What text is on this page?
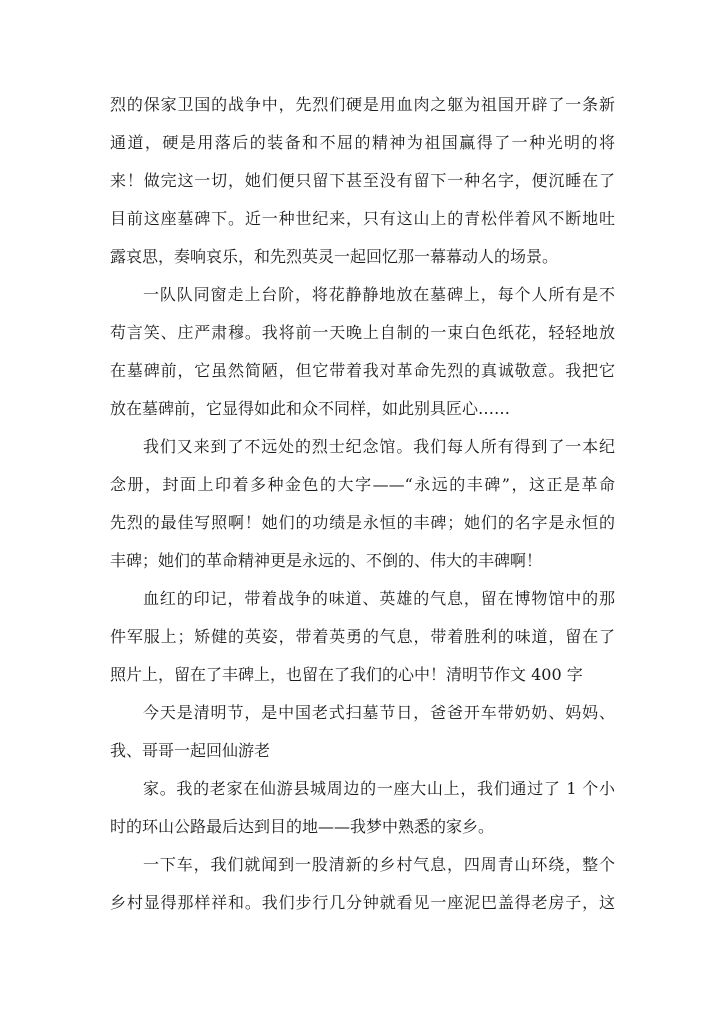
烈的保家卫国的战争中，先烈们硬是用血肉之躯为祖国开辟了一条新
通道，硬是用落后的装备和不屈的精神为祖国赢得了一种光明的将
来！做完这一切，她们便只留下甚至没有留下一种名字，便沉睡在了
目前这座墓碑下。近一种世纪来，只有这山上的青松伴着风不断地吐
露哀思，奏响哀乐，和先烈英灵一起回忆那一幕幕动人的场景。
一队队同窗走上台阶，将花静静地放在墓碑上，每个人所有是不
苟言笑、庄严肃穆。我将前一天晚上自制的一束白色纸花，轻轻地放
在墓碑前，它虽然简陋，但它带着我对革命先烈的真诚敬意。我把它
放在墓碑前，它显得如此和众不同样，如此别具匠心……
我们又来到了不远处的烈士纪念馆。我们每人所有得到了一本纪
念册，封面上印着多种金色的大字——“永远的丰碑”，这正是革命
先烈的最佳写照啊！她们的功绩是永恒的丰碑；她们的名字是永恒的
丰碑；她们的革命精神更是永远的、不倒的、伟大的丰碑啊！
血红的印记，带着战争的味道、英雄的气息，留在博物馆中的那
件军服上；矫健的英姿，带着英勇的气息，带着胜利的味道，留在了
照片上，留在了丰碑上，也留在了我们的心中！清明节作文 400 字
今天是清明节，是中国老式扫墓节日，爸爸开车带奶奶、妈妈、
我、哥哥一起回仙游老
家。我的老家在仙游县城周边的一座大山上，我们通过了 1 个小
时的环山公路最后达到目的地——我梦中熟悉的家乡。
一下车，我们就闻到一股清新的乡村气息，四周青山环绕，整个
乡村显得那样祥和。我们步行几分钟就看见一座泥巴盖得老房子，这
